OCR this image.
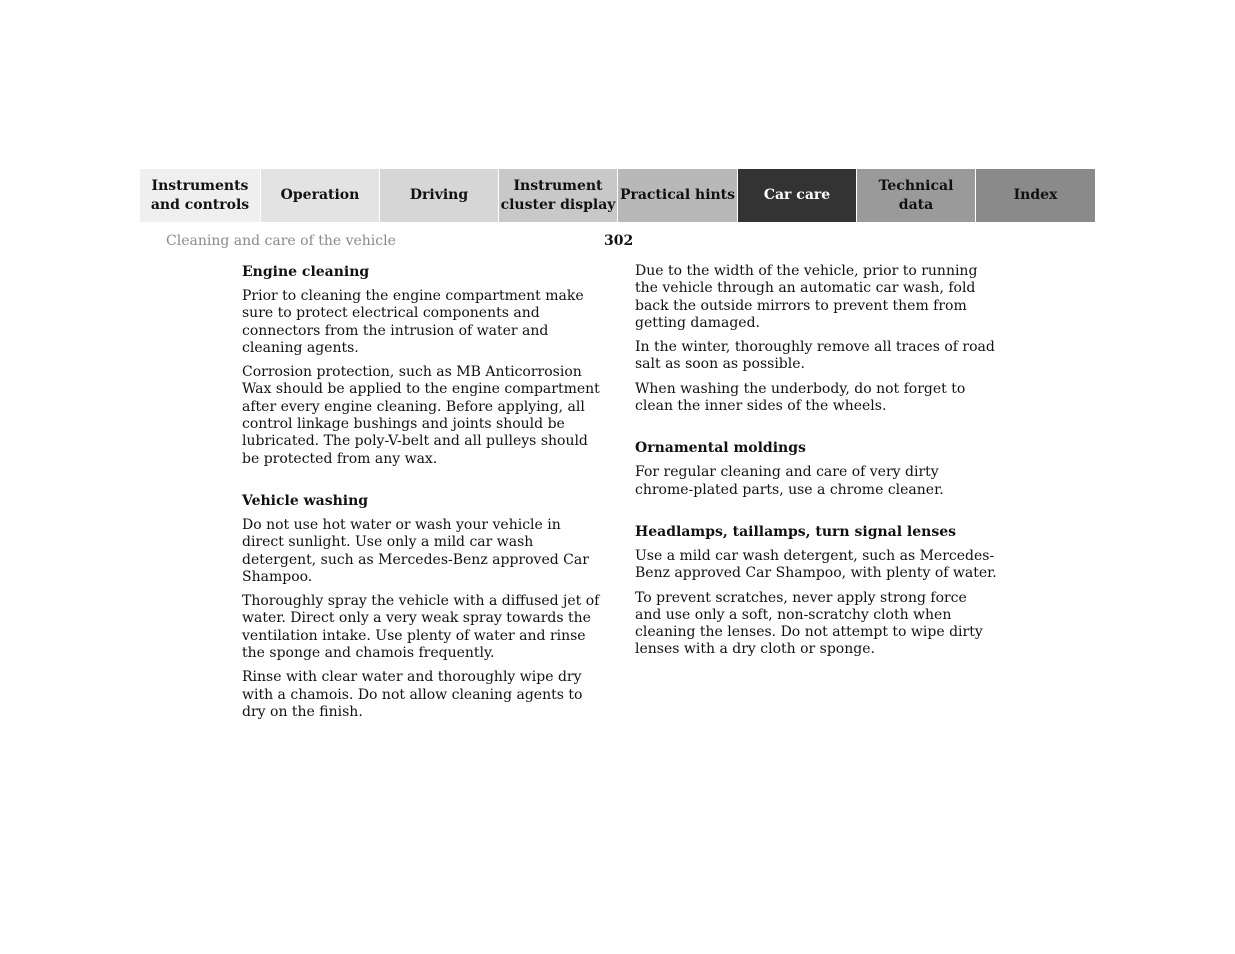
Instruments
and controls
Operation	Driving
Instrument
cluster display
Practical hints	Car care
Technical
data
Index
Cleaning and care of the vehicle	302
Engine cleaning

Prior to cleaning the engine compartment make sure to protect electrical components and connectors from the intrusion of water and cleaning agents.

Corrosion protection, such as MB Anticorrosion Wax should be applied to the engine compartment after every engine cleaning. Before applying, all control linkage bushings and joints should be lubricated. The poly-V-belt and all pulleys should be protected from any wax.

Vehicle washing

Do not use hot water or wash your vehicle in direct sunlight. Use only a mild car wash detergent, such as Mercedes-Benz approved Car Shampoo.

Thoroughly spray the vehicle with a diffused jet of water. Direct only a very weak spray towards the ventilation intake. Use plenty of water and rinse the sponge and chamois frequently.

Rinse with clear water and thoroughly wipe dry with a chamois. Do not allow cleaning agents to dry on the finish.

Due to the width of the vehicle, prior to running the vehicle through an automatic car wash, fold back the outside mirrors to prevent them from getting damaged.

In the winter, thoroughly remove all traces of road salt as soon as possible.

When washing the underbody, do not forget to clean the inner sides of the wheels.

Ornamental moldings

For regular cleaning and care of very dirty chrome-plated parts, use a chrome cleaner.

Headlamps, taillamps, turn signal lenses

Use a mild car wash detergent, such as Mercedes-Benz approved Car Shampoo, with plenty of water.

To prevent scratches, never apply strong force and use only a soft, non-scratchy cloth when cleaning the lenses. Do not attempt to wipe dirty lenses with a dry cloth or sponge.
